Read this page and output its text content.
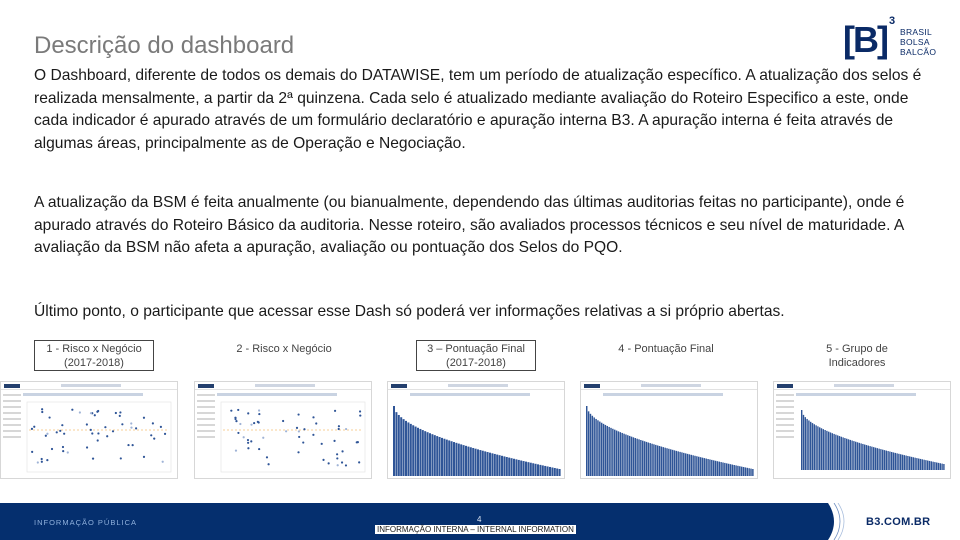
Descrição do dashboard	[B] 3
BRASIL
BOLSA
BALCÃO

O Dashboard, diferente de todos os demais do DATAWISE, tem um período de atualização específico. A atualização dos selos é realizada mensalmente, a partir da 2ª quinzena. Cada selo é atualizado mediante avaliação do Roteiro Especifico a este, onde cada indicador é apurado através de um formulário declaratório e apuração interna B3. A apuração interna é feita através de algumas áreas, principalmente as de Operação e Negociação.

A atualização da BSM é feita anualmente (ou bianualmente, dependendo das últimas auditorias feitas no participante), onde é apurado através do Roteiro Básico da auditoria. Nesse roteiro, são avaliados processos técnicos e seu nível de maturidade. A avaliação da BSM não afeta a apuração, avaliação ou pontuação dos Selos do PQO.

Último ponto, o participante que acessar esse Dash só poderá ver informações relativas a si próprio abertas.

1 - Risco x Negócio
(2017-2018)
2 - Risco x Negócio	3 – Pontuação Final
(2017-2018)
4 - Pontuação Final	5 - Grupo de
Indicadores
INFORMAÇÃO PÚBLICA	4
INFORMAÇÃO INTERNA – INTERNAL INFORMATION
B3.COM.BR
